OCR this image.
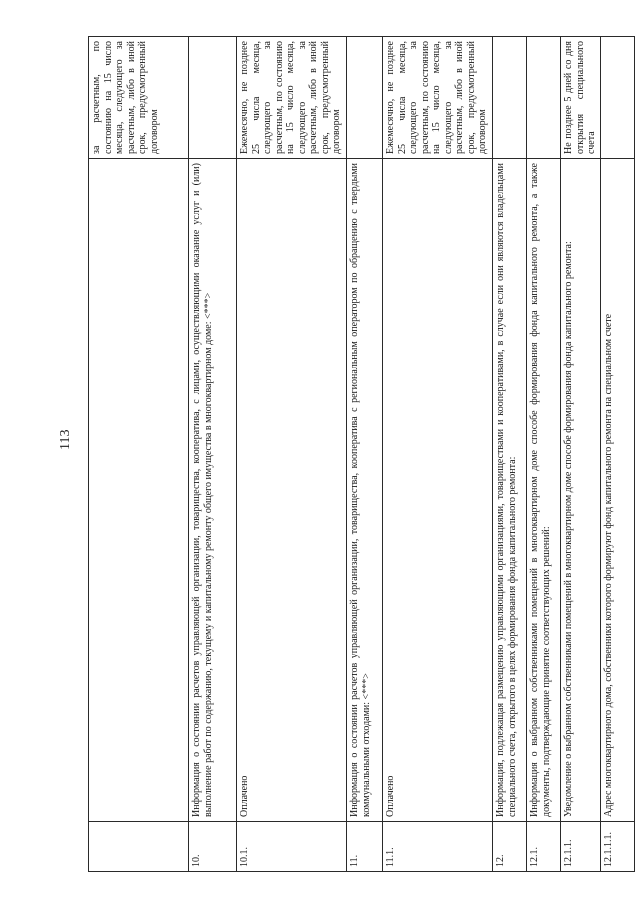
113
		за расчетным, по состоянию на 15 число месяца, следующего за расчетным, либо в иной срок, предусмотренный договором
10.	Информация о состоянии расчетов управляющей организации, товарищества, кооператива, с лицами, осуществляющими оказание услуг и (или) выполнение работ по содержанию, текущему и капитальному ремонту общего имущества в многоквартирном доме: <***>	
10.1.	Оплачено	Ежемесячно, не позднее 25 числа месяца, следующего за расчетным, по состоянию на 15 число месяца, следующего за расчетным, либо в иной срок, предусмотренный договором
11.	Информация о состоянии расчетов управляющей организации, товарищества, кооператива с региональным оператором по обращению с твердыми коммунальными отходами: <***>	
11.1.	Оплачено	Ежемесячно, не позднее 25 числа месяца, следующего за расчетным, по состоянию на 15 число месяца, следующего за расчетным, либо в иной срок, предусмотренный договором
12.	Информация, подлежащая размещению управляющими организациями, товариществами и кооперативами, в случае если они являются владельцами специального счета, открытого в целях формирования фонда капитального ремонта:	
12.1.	Информация о выбранном собственниками помещений в многоквартирном доме способе формирования фонда капитального ремонта, а также документы, подтверждающие принятие соответствующих решений:	
12.1.1.	Уведомление о выбранном собственниками помещений в многоквартирном доме способе формирования фонда капитального ремонта:	Не позднее 5 дней со дня открытия специального счета
12.1.1.1.	Адрес многоквартирного дома, собственники которого формируют фонд капитального ремонта на специальном счете	
